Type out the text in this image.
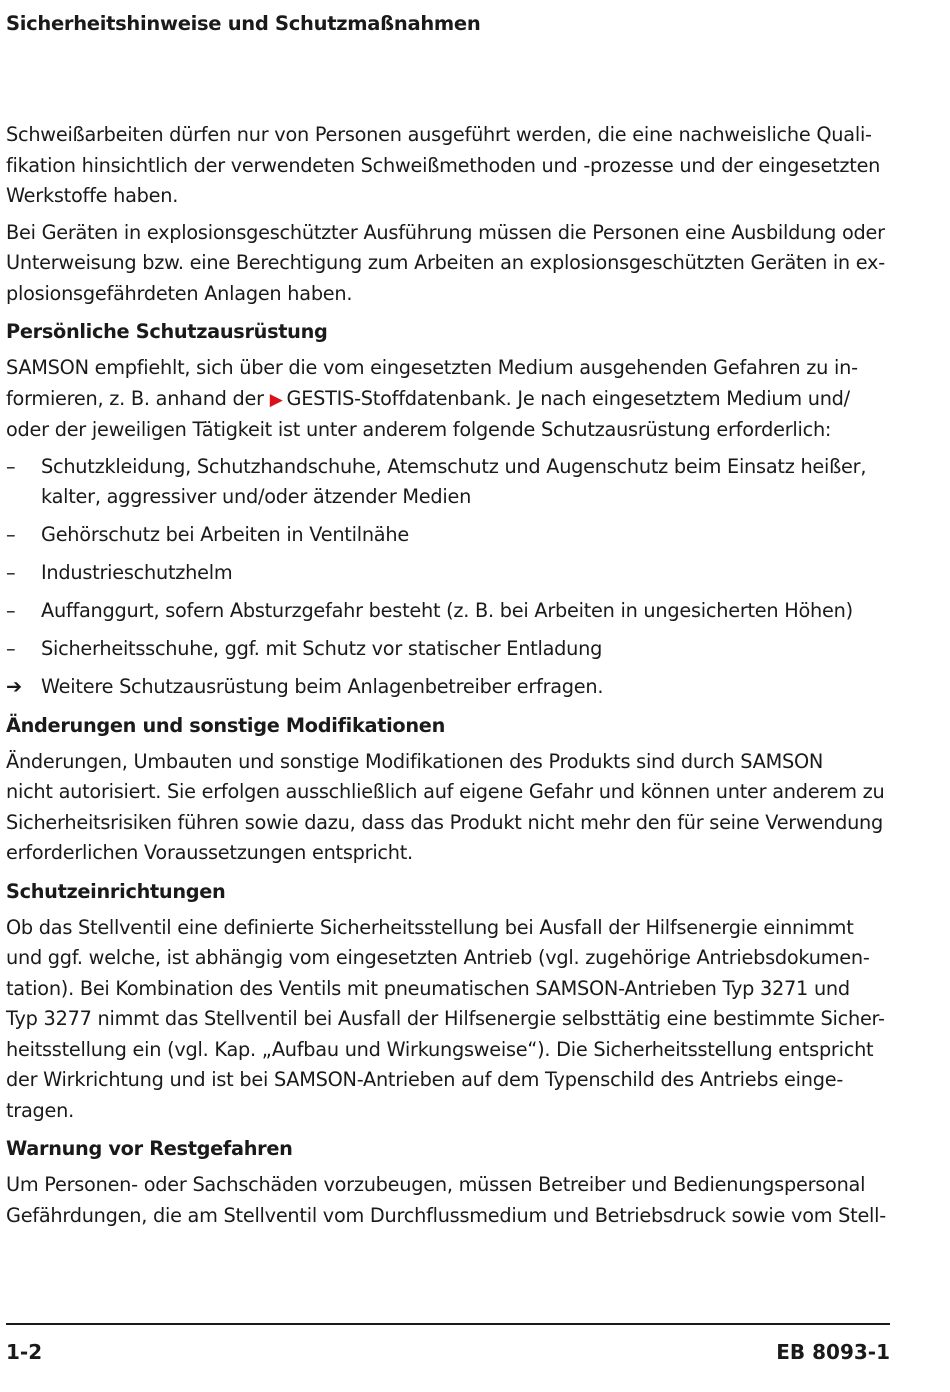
Sicherheitshinweise und Schutzmaßnahmen

Schweißarbeiten dürfen nur von Personen ausgeführt werden, die eine nachweisliche Quali-
fikation hinsichtlich der verwendeten Schweißmethoden und -prozesse und der eingesetzten
Werkstoffe haben.

Bei Geräten in explosionsgeschützter Ausführung müssen die Personen eine Ausbildung oder
Unterweisung bzw. eine Berechtigung zum Arbeiten an explosionsgeschützten Geräten in ex-
plosionsgefährdeten Anlagen haben.

Persönliche Schutzausrüstung

SAMSON empfiehlt, sich über die vom eingesetzten Medium ausgehenden Gefahren zu in-
formieren, z. B. anhand der ▶ GESTIS-Stoffdatenbank. Je nach eingesetztem Medium und/
oder der jeweiligen Tätigkeit ist unter anderem folgende Schutzausrüstung erforderlich:

– Schutzkleidung, Schutzhandschuhe, Atemschutz und Augenschutz beim Einsatz heißer,
kalter, aggressiver und/oder ätzender Medien
– Gehörschutz bei Arbeiten in Ventilnähe
– Industrieschutzhelm
– Auffanggurt, sofern Absturzgefahr besteht (z. B. bei Arbeiten in ungesicherten Höhen)
– Sicherheitsschuhe, ggf. mit Schutz vor statischer Entladung

➔ Weitere Schutzausrüstung beim Anlagenbetreiber erfragen.

Änderungen und sonstige Modifikationen

Änderungen, Umbauten und sonstige Modifikationen des Produkts sind durch SAMSON
nicht autorisiert. Sie erfolgen ausschließlich auf eigene Gefahr und können unter anderem zu
Sicherheitsrisiken führen sowie dazu, dass das Produkt nicht mehr den für seine Verwendung
erforderlichen Voraussetzungen entspricht.

Schutzeinrichtungen

Ob das Stellventil eine definierte Sicherheitsstellung bei Ausfall der Hilfsenergie einnimmt
und ggf. welche, ist abhängig vom eingesetzten Antrieb (vgl. zugehörige Antriebsdokumen-
tation). Bei Kombination des Ventils mit pneumatischen SAMSON-Antrieben Typ 3271 und
Typ 3277 nimmt das Stellventil bei Ausfall der Hilfsenergie selbsttätig eine bestimmte Sicher-
heitsstellung ein (vgl. Kap. „Aufbau und Wirkungsweise“). Die Sicherheitsstellung entspricht
der Wirkrichtung und ist bei SAMSON-Antrieben auf dem Typenschild des Antriebs einge-
tragen.

Warnung vor Restgefahren

Um Personen- oder Sachschäden vorzubeugen, müssen Betreiber und Bedienungspersonal
Gefährdungen, die am Stellventil vom Durchflussmedium und Betriebsdruck sowie vom Stell-

1-2	EB 8093-1
